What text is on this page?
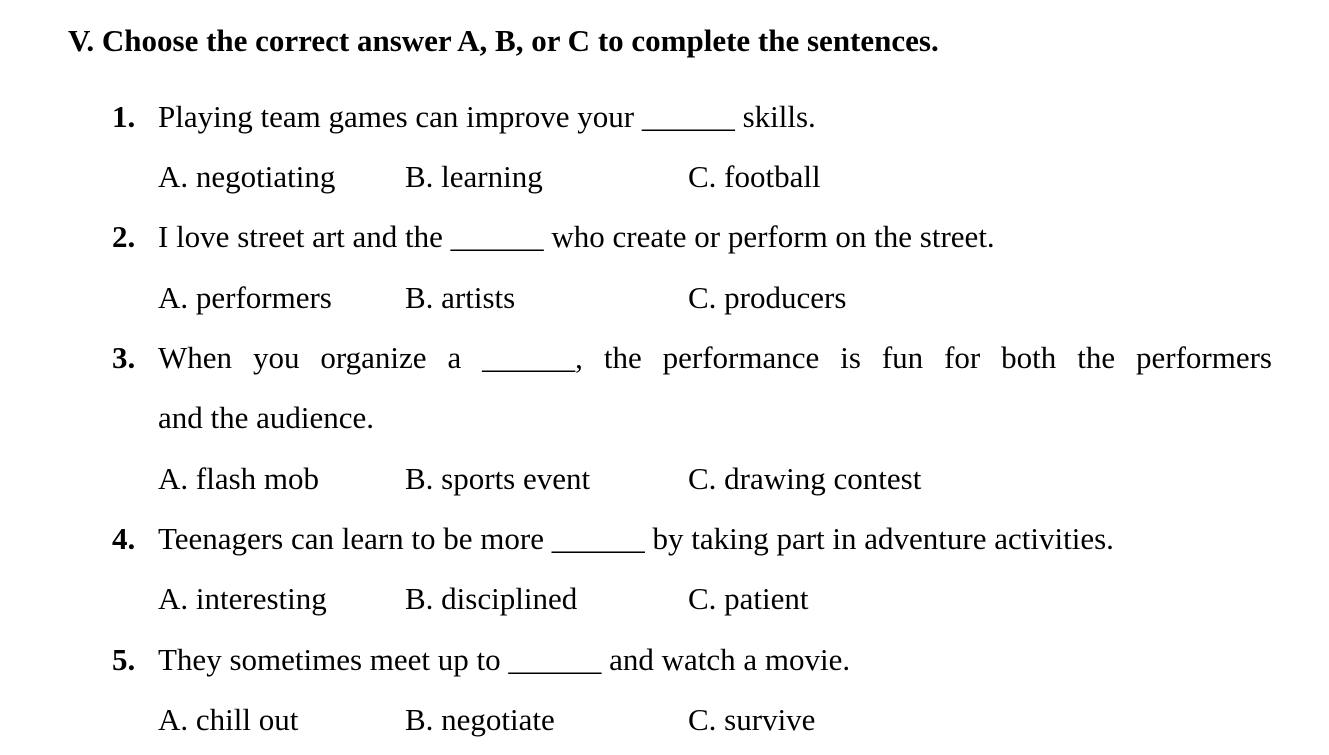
V. Choose the correct answer A, B, or C to complete the sentences.
1. Playing team games can improve your ______ skills.
A. negotiating B. learning	C. football
2. I love street art and the ______ who create or perform on the street.
A. performers B. artists	C. producers
3. When you organize a ______, the performance is fun for both the performers
and the audience.
A. flash mob	B. sports event	C. drawing contest
4. Teenagers can learn to be more ______ by taking part in adventure activities.
A. interesting	B. disciplined	C. patient
5. They sometimes meet up to ______ and watch a movie.
A. chill out	B. negotiate	C. survive
